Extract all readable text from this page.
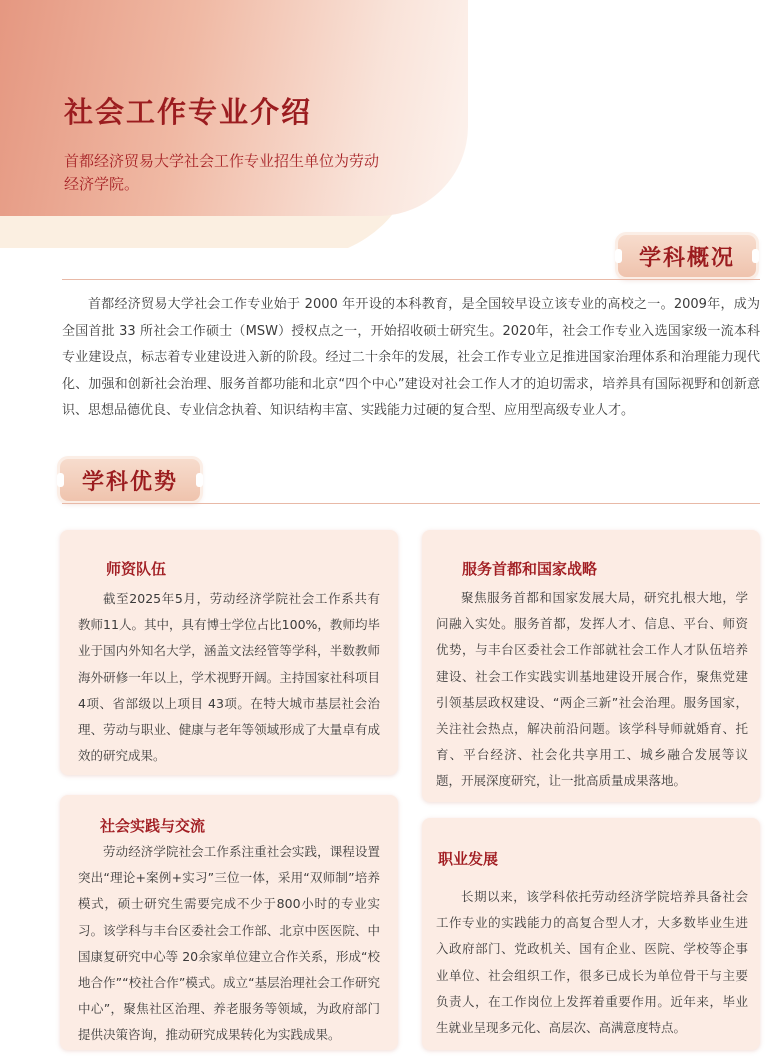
社会工作专业介绍
首都经济贸易大学社会工作专业招生单位为劳动经济学院。
学科概况

首都经济贸易大学社会工作专业始于 2000 年开设的本科教育，是全国较早设立该专业的高校之一。2009年，成为全国首批 33 所社会工作硕士（MSW）授权点之一，开始招收硕士研究生。2020年，社会工作专业入选国家级一流本科专业建设点，标志着专业建设进入新的阶段。经过二十余年的发展，社会工作专业立足推进国家治理体系和治理能力现代化、加强和创新社会治理、服务首都功能和北京“四个中心”建设对社会工作人才的迫切需求，培养具有国际视野和创新意识、思想品德优良、专业信念执着、知识结构丰富、实践能力过硬的复合型、应用型高级专业人才。

学科优势
师资队伍

截至2025年5月，劳动经济学院社会工作系共有教师11人。其中，具有博士学位占比100%，教师均毕业于国内外知名大学，涵盖文法经管等学科，半数教师海外研修一年以上，学术视野开阔。主持国家社科项目4项、省部级以上项目 43项。在特大城市基层社会治理、劳动与职业、健康与老年等领域形成了大量卓有成效的研究成果。

服务首都和国家战略

聚焦服务首都和国家发展大局，研究扎根大地，学问融入实处。服务首都，发挥人才、信息、平台、师资优势，与丰台区委社会工作部就社会工作人才队伍培养建设、社会工作实践实训基地建设开展合作，聚焦党建引领基层政权建设、“两企三新”社会治理。服务国家，关注社会热点，解决前沿问题。该学科导师就婚育、托育、平台经济、社会化共享用工、城乡融合发展等议题，开展深度研究，让一批高质量成果落地。

社会实践与交流

劳动经济学院社会工作系注重社会实践，课程设置突出“理论+案例+实习”三位一体，采用“双师制”培养模式，硕士研究生需要完成不少于800小时的专业实习。该学科与丰台区委社会工作部、北京中医医院、中国康复研究中心等 20余家单位建立合作关系，形成“校地合作”“校社合作”模式。成立“基层治理社会工作研究中心”，聚焦社区治理、养老服务等领域，为政府部门提供决策咨询，推动研究成果转化为实践成果。

职业发展

长期以来，该学科依托劳动经济学院培养具备社会工作专业的实践能力的高复合型人才，大多数毕业生进入政府部门、党政机关、国有企业、医院、学校等企事业单位、社会组织工作，很多已成长为单位骨干与主要负责人，在工作岗位上发挥着重要作用。近年来，毕业生就业呈现多元化、高层次、高满意度特点。
